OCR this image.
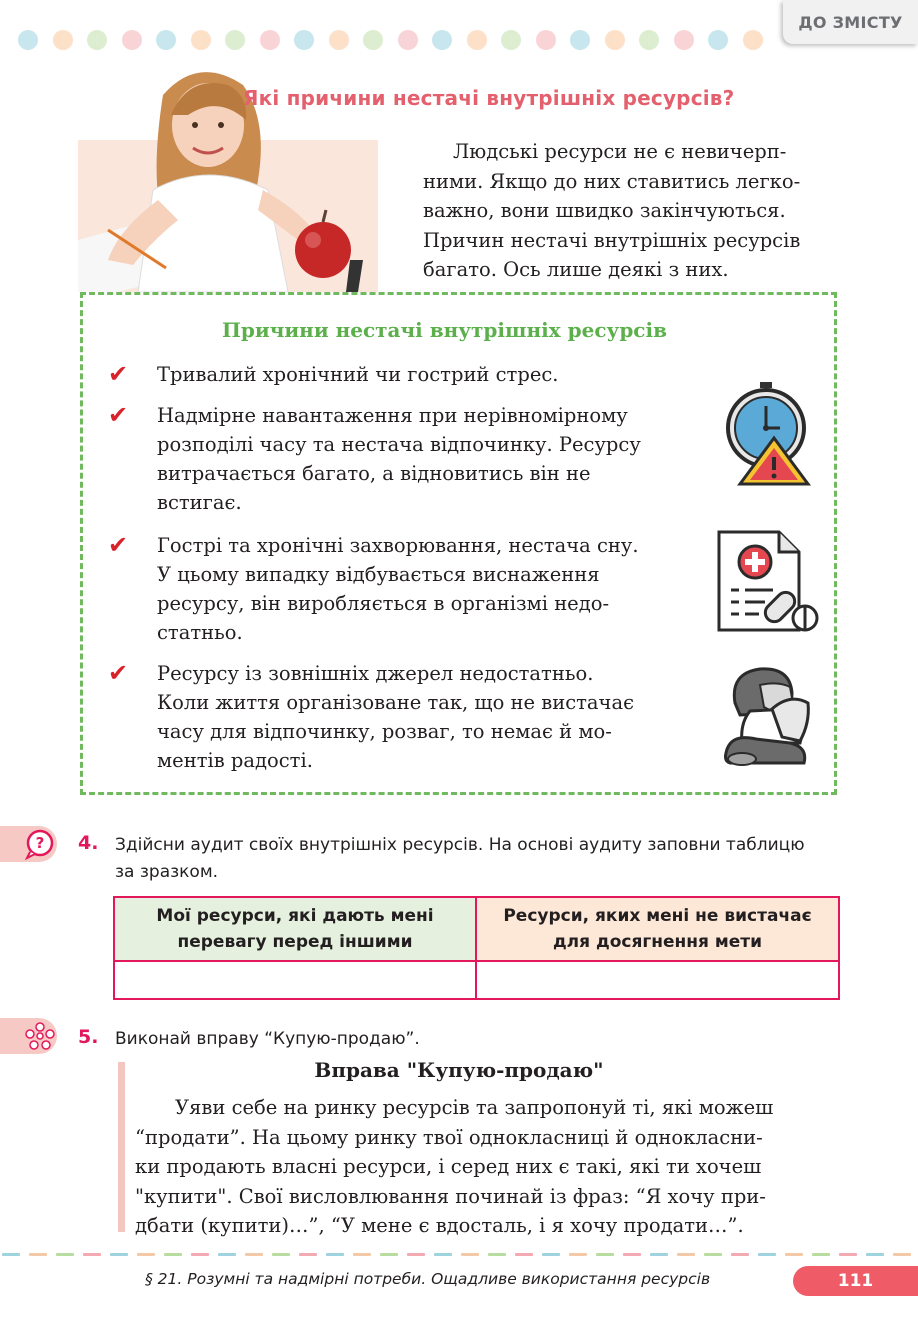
ДО ЗМІСТУ
Які причини нестачі внутрішніх ресурсів?
Людські ресурси не є невичерп-
ними. Якщо до них ставитись легко-
важно, вони швидко закінчуються.
Причин нестачі внутрішніх ресурсів
багато. Ось лише деякі з них.
Причини нестачі внутрішніх ресурсів
✔ Тривалий хронічний чи гострий стрес.
✔ Надмірне навантаження при нерівномірному
розподілі часу та нестача відпочинку. Ресурсу
витрачається багато, а відновитись він не
встигає.
✔ Гострі та хронічні захворювання, нестача сну.
У цьому випадку відбувається виснаження
ресурсу, він виробляється в організмі недо-
статньо.
✔ Ресурсу із зовнішніх джерел недостатньо.
Коли життя організоване так, що не вистачає
часу для відпочинку, розваг, то немає й мо-
ментів радості.
? 4. Здійсни аудит своїх внутрішніх ресурсів. На основі аудиту заповни таблицю
за зразком.
Мої ресурси, які дають мені
перевагу перед іншими
Ресурси, яких мені не вистачає
для досягнення мети
5. Виконай вправу “Купую-продаю”.
Вправа "Купую-продаю"
Уяви себе на ринку ресурсів та запропонуй ті, які можеш
“продати”. На цьому ринку твої однокласниці й однокласни-
ки продають власні ресурси, і серед них є такі, які ти хочеш
"купити". Свої висловлювання починай із фраз: “Я хочу при-
дбати (купити)…”, “У мене є вдосталь, і я хочу продати…”.
§ 21. Розумні та надмірні потреби. Ощадливе використання ресурсів	111
